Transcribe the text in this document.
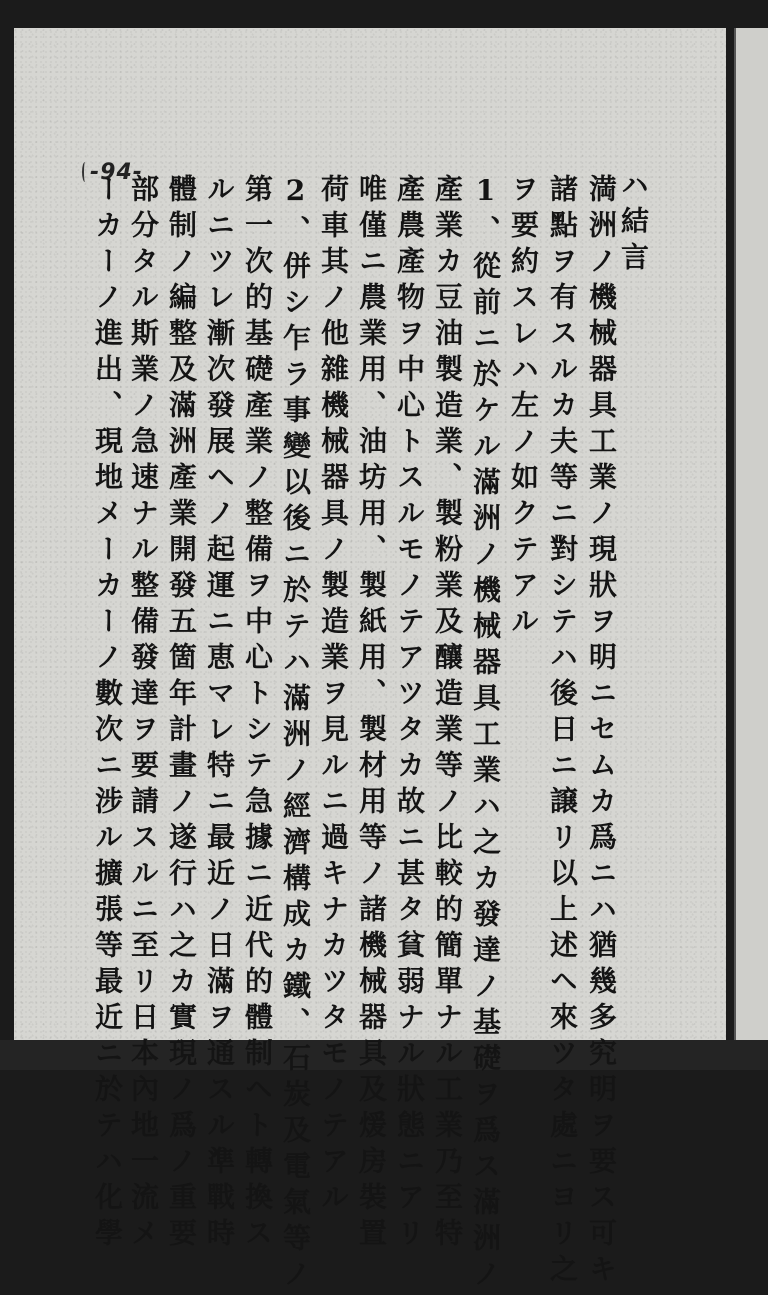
-94-	ハ結言
満洲ノ機械器具工業ノ現狀ヲ明ニセムカ爲ニハ猶幾多究明ヲ要ス可キ
諸點ヲ有スルカ夫等ニ對シテハ後日ニ譲リ以上述ヘ來ツタ處ニヨリ之
ヲ要約スレハ左ノ如クテアル
1、從前ニ於ケル滿洲ノ機械器具工業ハ之カ發達ノ基礎ヲ爲ス滿洲ノ
產業カ豆油製造業、製粉業及釀造業等ノ比較的簡單ナル工業乃至特
產農產物ヲ中心トスルモノテアツタカ故ニ甚タ貧弱ナル狀態ニアリ
唯僅ニ農業用、油坊用、製紙用、製材用等ノ諸機械器具及煖房裝置
荷車其ノ他雜機械器具ノ製造業ヲ見ルニ過キナカツタモノテアル
2、併シ乍ラ事變以後ニ於テハ滿洲ノ經濟構成カ鐵、石炭及電氣等ノ
第一次的基礎產業ノ整備ヲ中心トシテ急據ニ近代的體制ヘト轉換ス
ルニツレ漸次發展ヘノ起運ニ恵マレ特ニ最近ノ日滿ヲ通スル準戰時
體制ノ編整及滿洲產業開發五箇年計畫ノ遂行ハ之カ實現ノ爲ノ重要
部分タル斯業ノ急速ナル整備發達ヲ要請スルニ至リ日本內地一流メ
ーカーノ進出、現地メーカーノ數次ニ涉ル擴張等最近ニ於テハ化學
